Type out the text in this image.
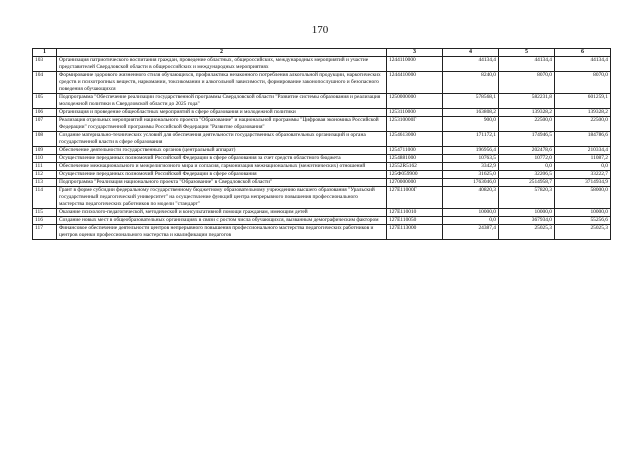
170
1	2	3	4	5	6
103	Организация патриотического воспитания граждан, проведение областных, общероссийских, международных мероприятий и участие представителей Свердловской области в общероссийских и международных мероприятиях	1244110000	44134,4	44134,4	44134,4
104	Формирование здорового жизненного стиля обучающихся, профилактика незаконного потребления алкогольной продукции, наркотических средств и психотропных веществ, наркомании, токсикомании и алкогольной зависимости, формирование законопослушного и безопасного поведения обучающихся	1244410000	8240,0	8070,0	8070,0
105	Подпрограмма "Обеспечение реализации государственной программы Свердловской области "Развитие системы образования и реализация молодежной политики в Свердловской области до 2025 года"	1250000000	578568,1	582231,8	601259,1
106	Организация и проведение общеобластных мероприятий в сфере образования и молодежной политики	1253110000	163808,2	139328,2	139328,2
107	Реализация отдельных мероприятий национального проекта "Образование" и национальной программы "Цифровая экономика Российской Федерации" государственной программы Российской Федерации "Развитие образования"	125310000Г	900,0	22500,0	22500,0
108	Создание материально-технических условий для обеспечения деятельности государственных образовательных организаций и органа государственной власти в сфере образования	1254613000	171172,1	174946,5	184786,6
109	Обеспечение деятельности государственных органов (центральный аппарат)	1254711000	196956,4	202478,6	210334,4
110	Осуществление переданных полномочий Российской Федерации в сфере образования за счет средств областного бюджета	1254881000	10763,5	10772,0	11087,2
111	Обеспечение межнационального и межрелигиозного мира и согласия, гармонизация межнациональных (межэтнических) отношений	12552R5162	3342,9	0,0	0,0
112	Осуществление переданных полномочий Российской Федерации в сфере образования	125Ф059900	31625,0	32206,5	33222,7
113	Подпрограмма "Реализация национального проекта "Образование" в Свердловской области"	1270000000	1763046,0	2514958,7	3714934,9
114	Грант в форме субсидии федеральному государственному бюджетному образовательному учреждению высшего образования "Уральский государственный педагогический университет" на осуществление функций центра непрерывного повышения профессионального мастерства педагогических работников по модели "стандарт"	127E11000Г	40820,3	57820,3	58000,0
115	Оказание психолого-педагогической, методической и консультативной помощи гражданам, имеющим детей	127E110010	10000,0	10000,0	10000,0
116	Создание новых мест в общеобразовательных организациях в связи с ростом числа обучающихся, вызванным демографическим фактором	127E110050	0,0	367934,0	55256,6
117	Финансовое обеспечение деятельности центров непрерывного повышения профессионального мастерства педагогических работников и центров оценки профессионального мастерства и квалификации педагогов	127E113000	24387,4	25025,3	25025,3
